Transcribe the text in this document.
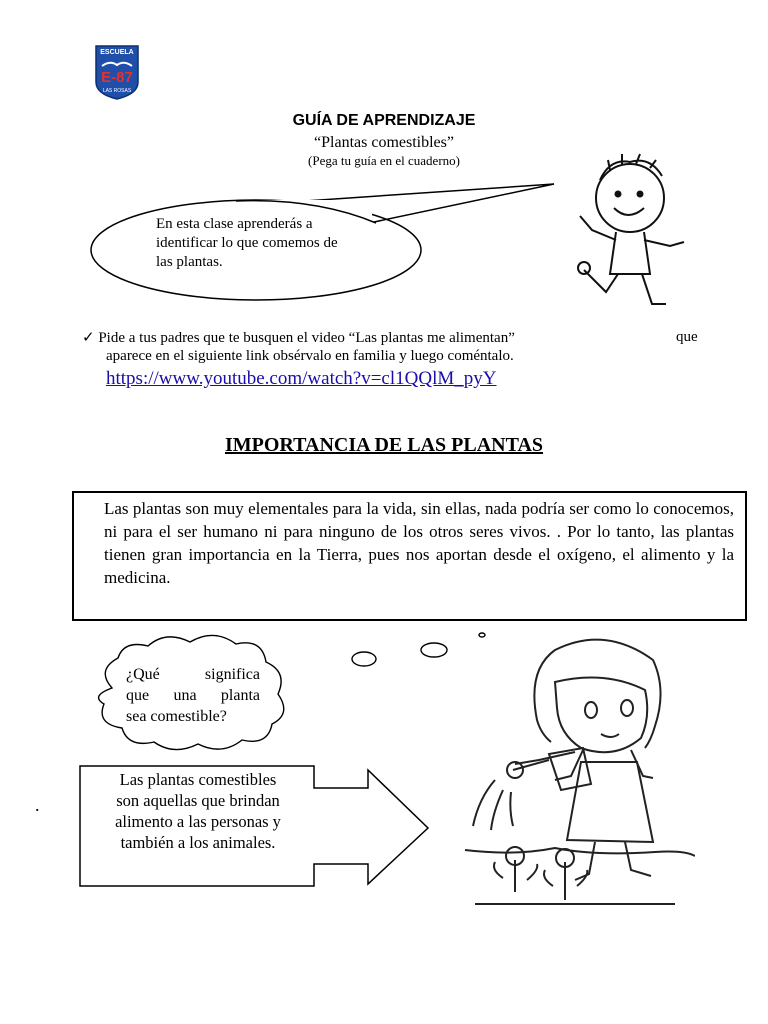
ESCUELA
E-87
LAS ROSAS
GUÍA DE APRENDIZAJE
“Plantas comestibles”
(Pega tu guía en el cuaderno)
En esta clase aprenderás a
identificar lo que comemos de
las plantas.
✓ Pide a tus padres que te busquen el video “Las plantas me alimentan”	que
aparece en el siguiente link obsérvalo en familia y luego coméntalo.
https://www.youtube.com/watch?v=cl1QQlM_pyY
IMPORTANCIA DE LAS PLANTAS
Las plantas son muy elementales para la vida, sin ellas, nada podría ser como lo conocemos, ni para el ser humano ni para ninguno de los otros seres vivos. . Por lo tanto, las plantas tienen gran importancia en la Tierra, pues nos aportan desde el oxígeno, el alimento y la medicina.
¿Qué significa
que una planta
sea comestible?
Las plantas comestibles
son aquellas que brindan
alimento a las personas y
también a los animales.
.
